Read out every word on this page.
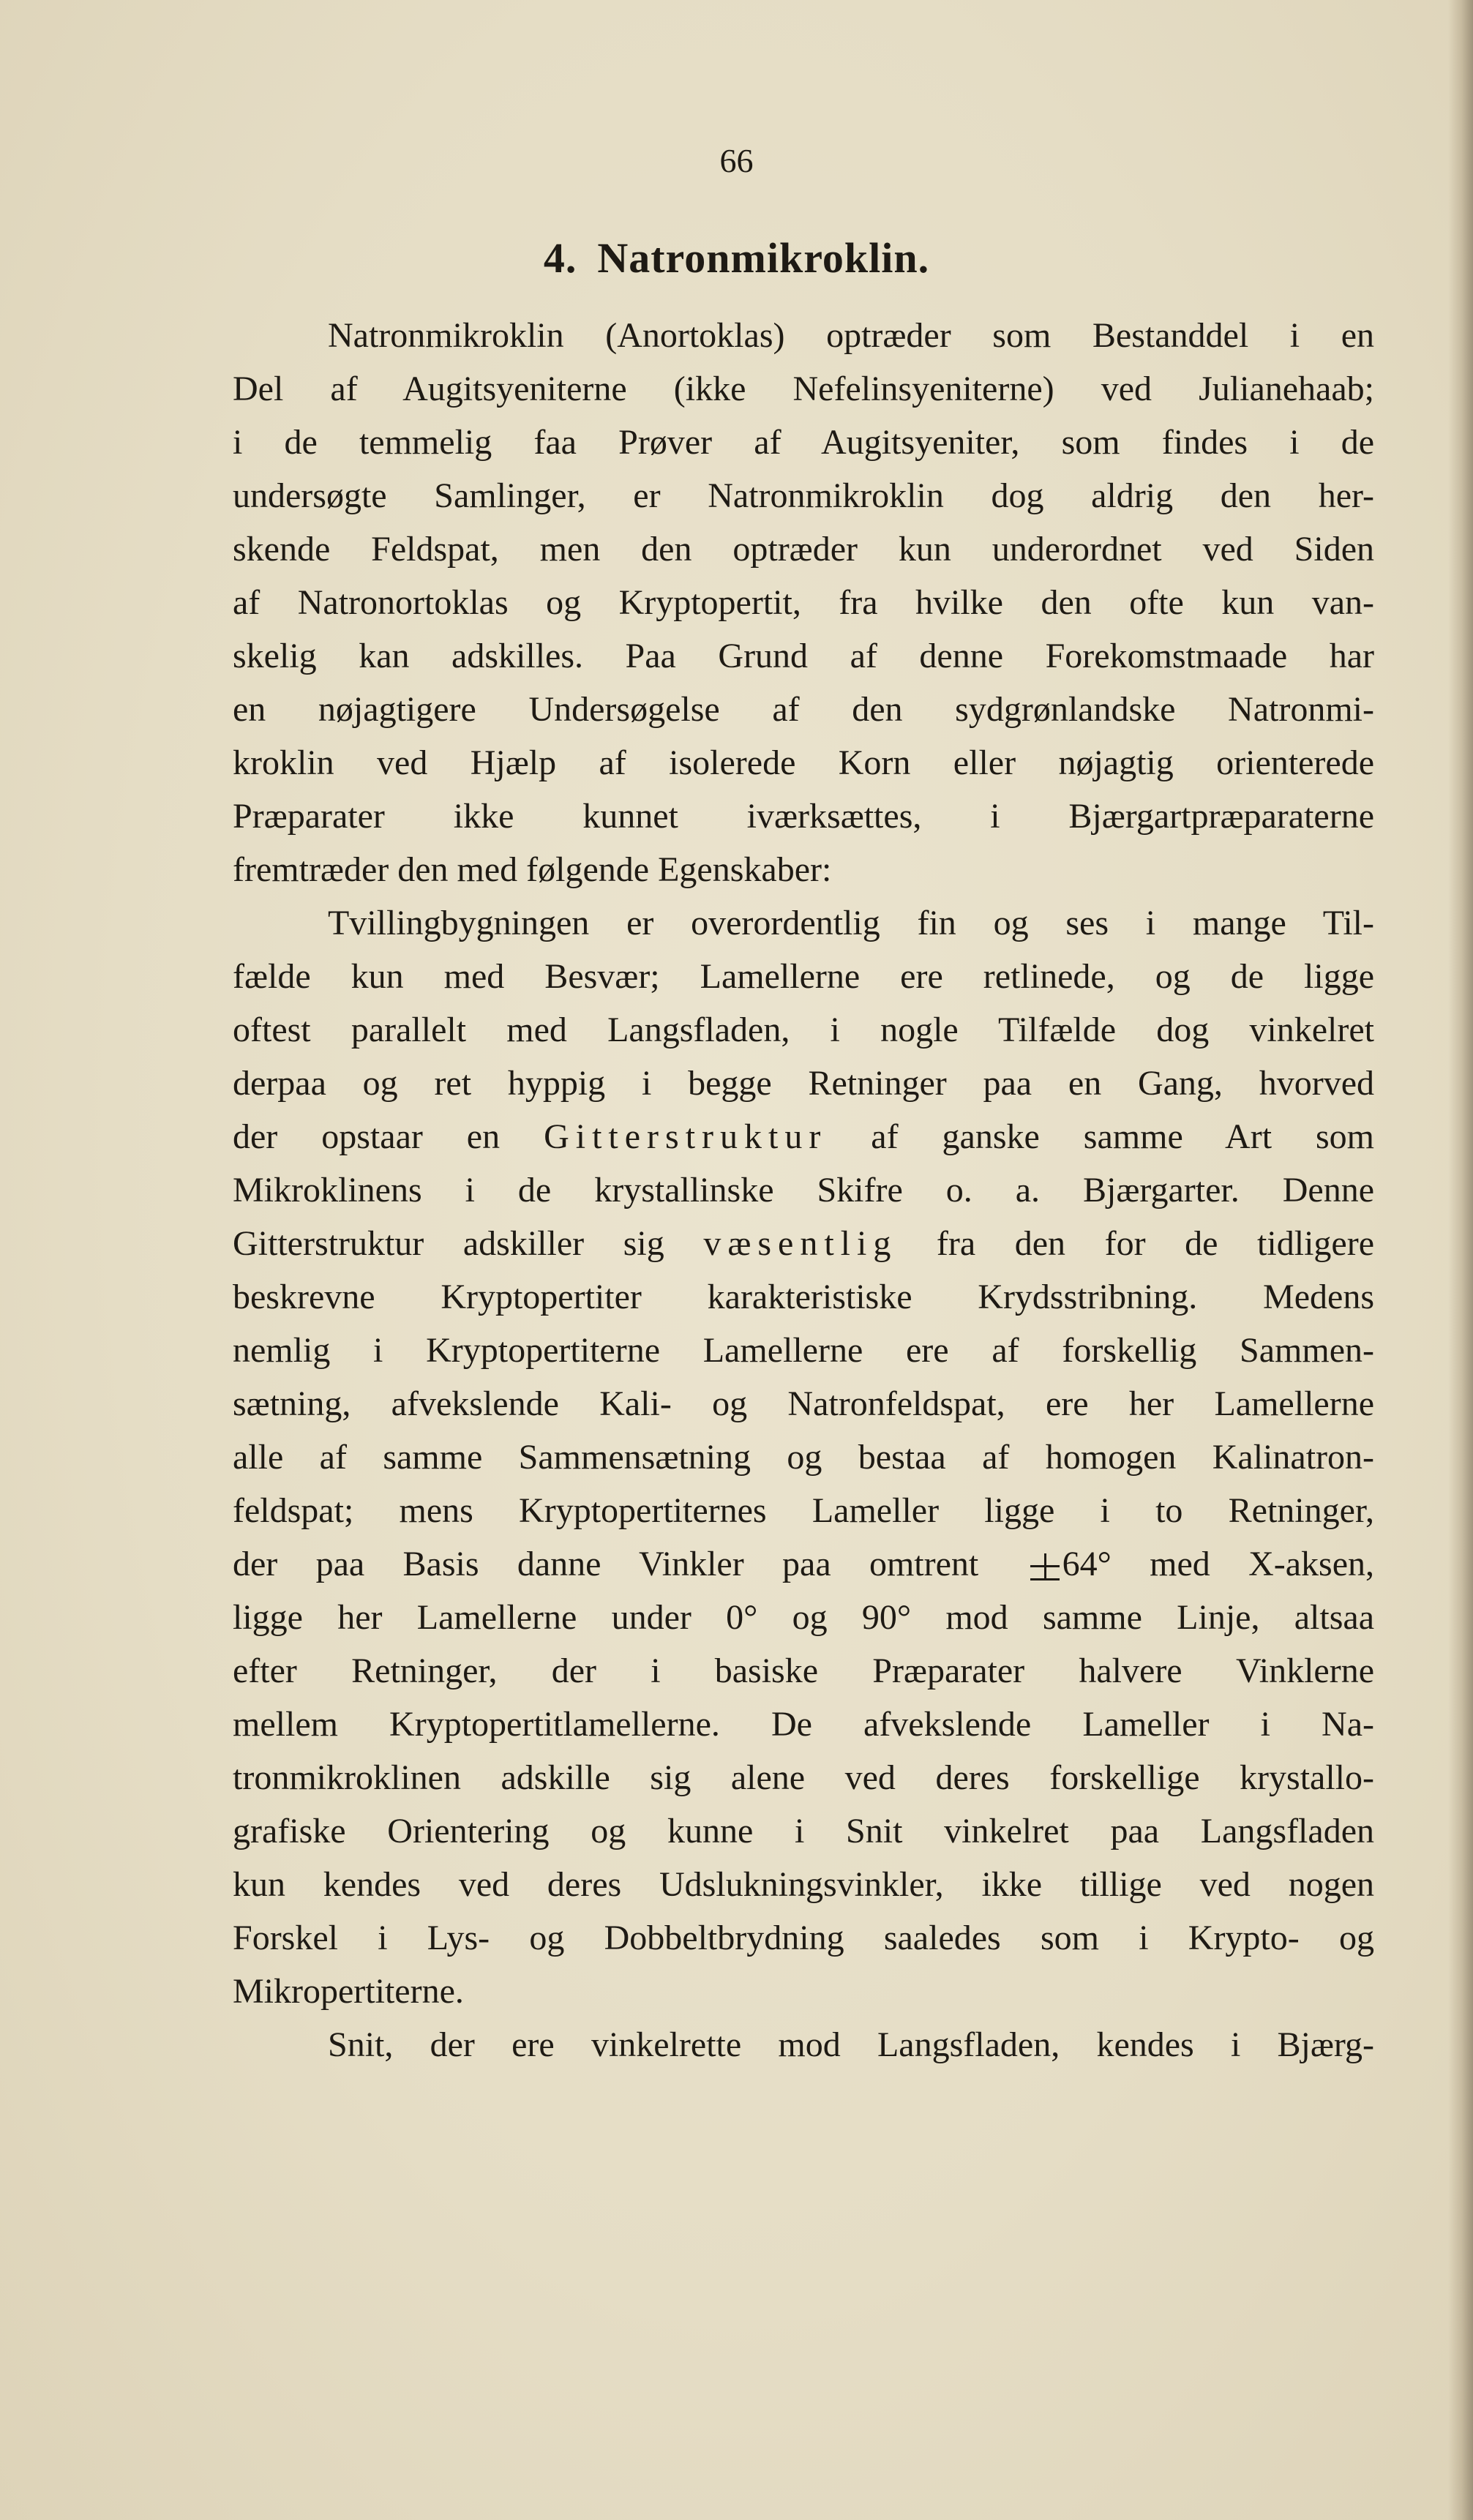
66
4. Natronmikroklin.
Natronmikroklin (Anortoklas) optræder som Bestanddel i en
Del af Augitsyeniterne (ikke Nefelinsyeniterne) ved Julianehaab;
i de temmelig faa Prøver af Augitsyeniter, som findes i de
undersøgte Samlinger, er Natronmikroklin dog aldrig den her-
skende Feldspat, men den optræder kun underordnet ved Siden
af Natronortoklas og Kryptopertit, fra hvilke den ofte kun van-
skelig kan adskilles. Paa Grund af denne Forekomstmaade har
en nøjagtigere Undersøgelse af den sydgrønlandske Natronmi-
kroklin ved Hjælp af isolerede Korn eller nøjagtig orienterede
Præparater ikke kunnet iværksættes, i Bjærgartpræparaterne
fremtræder den med følgende Egenskaber:
Tvillingbygningen er overordentlig fin og ses i mange Til-
fælde kun med Besvær; Lamellerne ere retlinede, og de ligge
oftest parallelt med Langsfladen, i nogle Tilfælde dog vinkelret
derpaa og ret hyppig i begge Retninger paa en Gang, hvorved
der opstaar en Gitterstruktur af ganske samme Art som
Mikroklinens i de krystallinske Skifre o. a. Bjærgarter. Denne
Gitterstruktur adskiller sig væsentlig fra den for de tidligere
beskrevne Kryptopertiter karakteristiske Krydsstribning. Medens
nemlig i Kryptopertiterne Lamellerne ere af forskellig Sammen-
sætning, afvekslende Kali- og Natronfeldspat, ere her Lamellerne
alle af samme Sammensætning og bestaa af homogen Kalinatron-
feldspat; mens Kryptopertiternes Lameller ligge i to Retninger,
der paa Basis danne Vinkler paa omtrent 64° med X-aksen,
ligge her Lamellerne under 0° og 90° mod samme Linje, altsaa
efter Retninger, der i basiske Præparater halvere Vinklerne
mellem Kryptopertitlamellerne. De afvekslende Lameller i Na-
tronmikroklinen adskille sig alene ved deres forskellige krystallo-
grafiske Orientering og kunne i Snit vinkelret paa Langsfladen
kun kendes ved deres Udslukningsvinkler, ikke tillige ved nogen
Forskel i Lys- og Dobbeltbrydning saaledes som i Krypto- og
Mikropertiterne.
Snit, der ere vinkelrette mod Langsfladen, kendes i Bjærg-
